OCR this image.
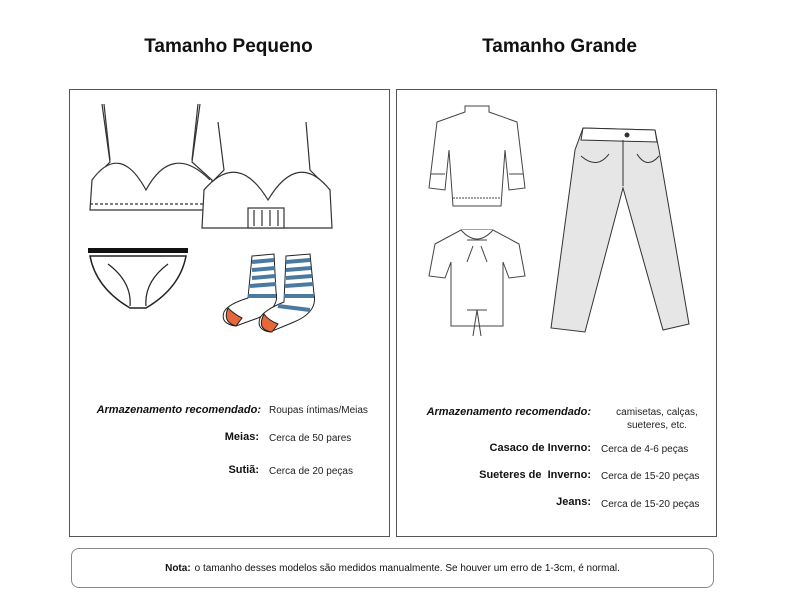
Tamanho Pequeno	Tamanho Grande
Armazenamento recomendado: Roupas íntimas/Meias
Meias: Cerca de 50 pares
Sutiã: Cerca de 20 peças
Armazenamento recomendado:	camisetas, calças, sueteres, etc.
Casaco de Inverno: Cerca de 4-6 peças
Sueteres de  Inverno: Cerca de 15-20 peças
Jeans: Cerca de 15-20 peças
Nota: o tamanho desses modelos são medidos manualmente. Se houver um erro de 1-3cm, é normal.
